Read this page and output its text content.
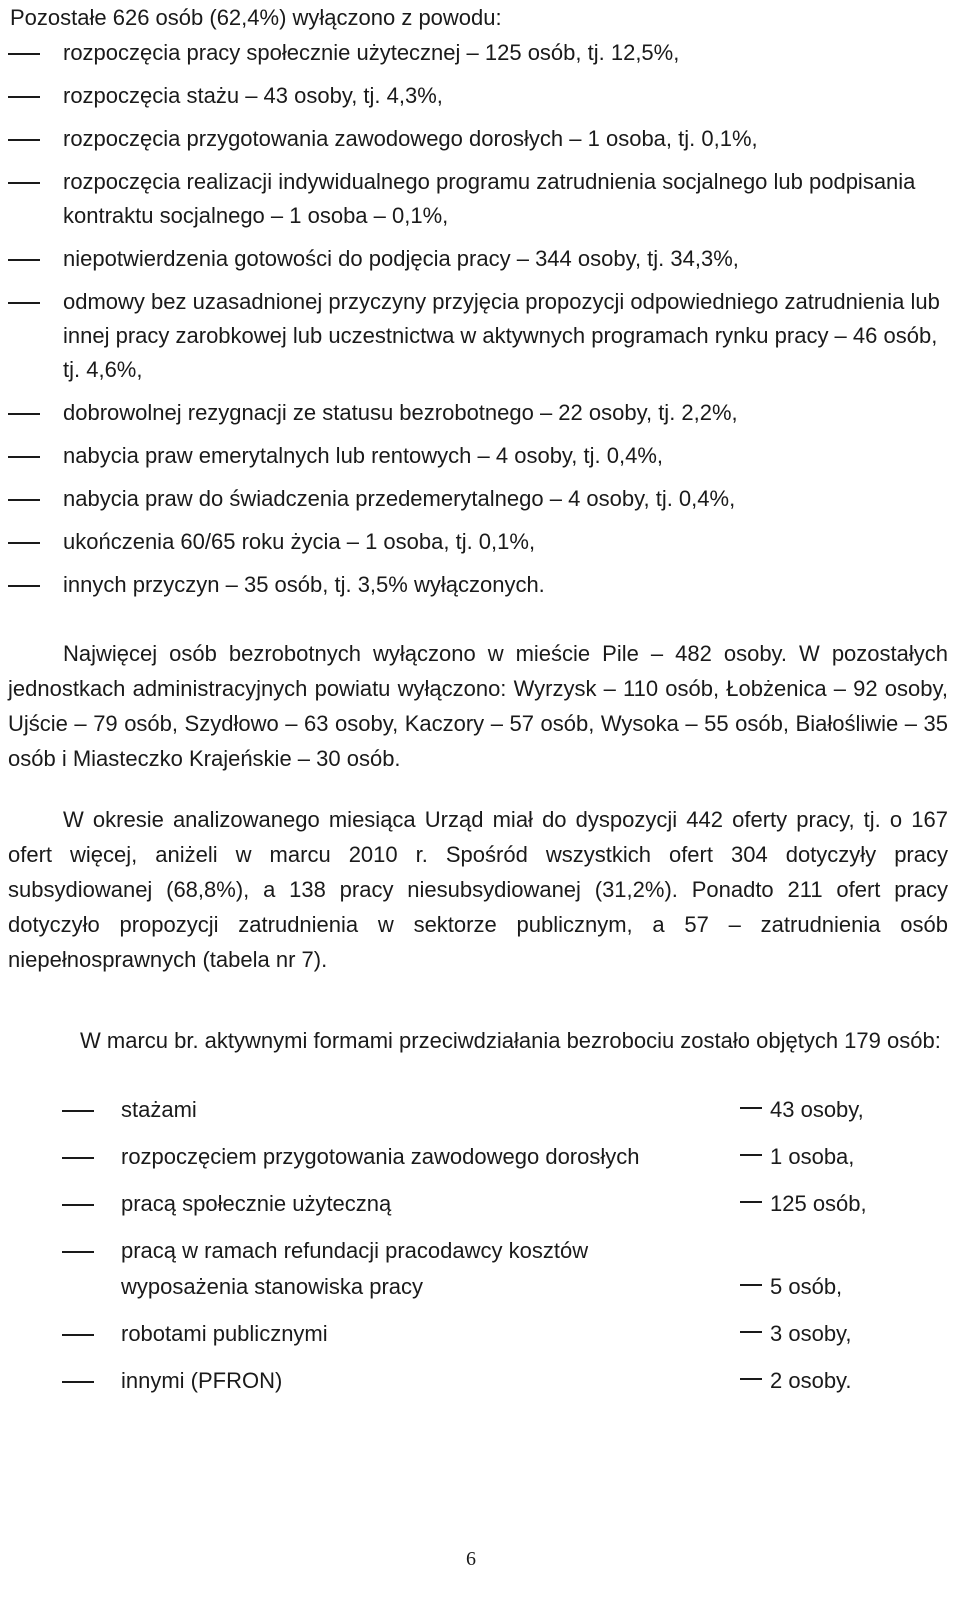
Pozostałe 626 osób (62,4%) wyłączono z powodu:
rozpoczęcia pracy społecznie użytecznej – 125 osób, tj. 12,5%,
rozpoczęcia stażu – 43 osoby, tj. 4,3%,
rozpoczęcia przygotowania zawodowego dorosłych – 1 osoba, tj. 0,1%,
rozpoczęcia realizacji indywidualnego programu zatrudnienia socjalnego lub podpisania kontraktu socjalnego – 1 osoba – 0,1%,
niepotwierdzenia gotowości do podjęcia pracy – 344 osoby, tj. 34,3%,
odmowy bez uzasadnionej przyczyny przyjęcia propozycji odpowiedniego zatrudnienia lub innej pracy zarobkowej lub uczestnictwa w aktywnych programach rynku pracy – 46 osób, tj. 4,6%,
dobrowolnej rezygnacji ze statusu bezrobotnego – 22 osoby, tj. 2,2%,
nabycia praw emerytalnych lub rentowych – 4 osoby, tj. 0,4%,
nabycia praw do świadczenia przedemerytalnego – 4 osoby, tj. 0,4%,
ukończenia 60/65 roku życia – 1 osoba, tj. 0,1%,
innych przyczyn – 35 osób, tj. 3,5% wyłączonych.

Najwięcej osób bezrobotnych wyłączono w mieście Pile – 482 osoby. W pozostałych jednostkach administracyjnych powiatu wyłączono: Wyrzysk – 110 osób, Łobżenica – 92 osoby, Ujście – 79 osób, Szydłowo – 63 osoby, Kaczory – 57 osób, Wysoka – 55 osób, Białośliwie – 35 osób i Miasteczko Krajeńskie – 30 osób.

W okresie analizowanego miesiąca Urząd miał do dyspozycji 442 oferty pracy, tj. o 167 ofert więcej, aniżeli w marcu 2010 r. Spośród wszystkich ofert 304 dotyczyły pracy subsydiowanej (68,8%), a 138 pracy niesubsydiowanej (31,2%). Ponadto 211 ofert pracy dotyczyło propozycji zatrudnienia w sektorze publicznym, a 57 – zatrudnienia osób niepełnosprawnych (tabela nr 7).

W marcu br. aktywnymi formami przeciwdziałania bezrobociu zostało objętych 179 osób:

stażami	43 osoby,
rozpoczęciem przygotowania zawodowego dorosłych	1 osoba,
pracą społecznie użyteczną	125 osób,
pracą w ramach refundacji pracodawcy kosztów wyposażenia stanowiska pracy	5 osób,
robotami publicznymi	3 osoby,
innymi (PFRON)	2 osoby.
6
